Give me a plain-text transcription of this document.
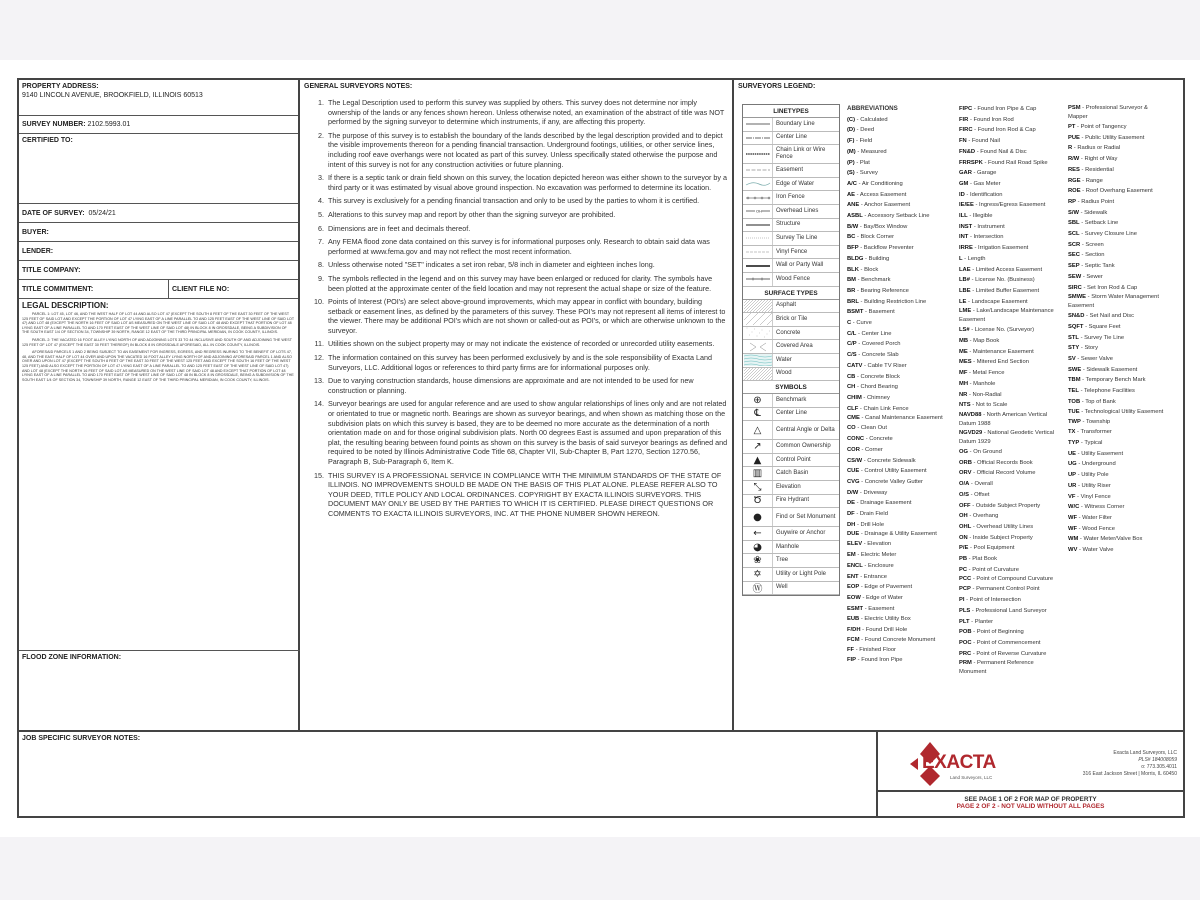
PROPERTY ADDRESS:
9140 LINCOLN AVENUE, BROOKFIELD, ILLINOIS 60513
SURVEY NUMBER:
2102.5993.01
CERTIFIED TO:
DATE OF SURVEY:
05/24/21
BUYER:
LENDER:
TITLE COMPANY:
TITLE COMMITMENT:	CLIENT FILE NO:
LEGAL DESCRIPTION:

PARCEL 1: LOT 45, LOT 46, AND THE WEST HALF OF LOT 44 AND ALSO LOT 47 (EXCEPT THE SOUTH 8 FEET OF THE EAST 30 FEET OF THE WEST 125 FEET OF SAID LOT AND EXCEPT THE PORTION OF LOT 47 LYING EAST OF A LINE PARALLEL TO AND 125 FEET EAST OF THE WEST LINE OF SAID LOT 47) AND LOT 48 (EXCEPT THE NORTH 16 FEET OF SAID LOT AS MEASURED ON THE WEST LINE OF SAID LOT 48 AND EXCEPT THAT PORTION OF LOT 48 LYING EAST OF A LINE PARALLEL TO AND 170 FEET EAST OF THE WEST LINE OF SAID LOT 48) IN BLOCK 8 IN GROSSDALE, BEING A SUBDIVISION OF THE SOUTH EAST 1/4 OF SECTION 34, TOWNSHIP 39 NORTH, RANGE 12 EAST OF THE THIRD PRINCIPAL MERIDIAN, IN COOK COUNTY, ILLINOIS.

PARCEL 2: THE VACATED 16 FOOT ALLEY LYING NORTH OF AND ADJOINING LOTS 33 TO 44 INCLUSIVE AND SOUTH OF AND ADJOINING THE WEST 125 FEET OF LOT 47 (EXCEPT THE EAST 30 FEET THEREOF) IN BLOCK 8 IN GROSSDALE AFORESAID, ALL IN COOK COUNTY, ILLINOIS.

AFORESAID PARCELS 1 AND 2 BEING SUBJECT TO AN EASEMENT FOR INGRESS, EGRESS, AND REGRESS INURING TO THE BENEFIT OF LOTS 47, 48, AND THE EAST HALF OF LOT 44 OVER AND UPON THE VACATED 16 FOOT ALLEY LYING NORTH OF AND ADJOINING AFORESAID PARCEL 1 AND ALSO OVER AND UPON LOT 47 (EXCEPT THE SOUTH 8 FEET OF THE EAST 30 FEET OF THE WEST 125 FEET AND EXCEPT THE SOUTH 16 FEET OF THE WEST 125 FEET) AND ALSO EXCEPT THE PORTION OF LOT 47 LYING EAST OF A LINE PARALLEL TO AND 125 FEET EAST OF THE WEST LINE OF SAID LOT 47) AND LOT 48 (EXCEPT THE NORTH 16 FEET OF SAID LOT AS MEASURED ON THE WEST LINE OF SAID LOT 48 AND EXCEPT THAT PORTION OF LOT 48 LYING EAST OF A LINE PARALLEL TO AND 170 FEET EAST OF THE WEST LINE OF SAID LOT 48 IN BLOCK 8 IN GROSSDALE, BEING A SUBDIVISION OF THE SOUTH EAST 1/4 OF SECTION 34, TOWNSHIP 39 NORTH, RANGE 12 EAST OF THE THIRD PRINCIPAL MERIDIAN, IN COOK COUNTY, ILLINOIS.

FLOOD ZONE INFORMATION:
GENERAL SURVEYORS NOTES:
1. The Legal Description used to perform this survey was supplied by others. This survey does not determine nor imply ownership of the lands or any fences shown hereon. Unless otherwise noted, an examination of the abstract of title was NOT performed by the signing surveyor to determine which instruments, if any, are affecting this property.
2. The purpose of this survey is to establish the boundary of the lands described by the legal description provided and to depict the visible improvements thereon for a pending financial transaction. Underground footings, utilities, or other service lines, including roof eave overhangs were not located as part of this survey. Unless specifically stated otherwise the purpose and intent of this survey is not for any construction activities or future planning.
3. If there is a septic tank or drain field shown on this survey, the location depicted hereon was either shown to the surveyor by a third party or it was estimated by visual above ground inspection. No excavation was performed to determine its location.
4. This survey is exclusively for a pending financial transaction and only to be used by the parties to whom it is certified.
5. Alterations to this survey map and report by other than the signing surveyor are prohibited.
6. Dimensions are in feet and decimals thereof.
7. Any FEMA flood zone data contained on this survey is for informational purposes only. Research to obtain said data was performed at www.fema.gov and may not reflect the most recent information.
8. Unless otherwise noted "SET" indicates a set iron rebar, 5/8 inch in diameter and eighteen inches long.
9. The symbols reflected in the legend and on this survey may have been enlarged or reduced for clarity. The symbols have been plotted at the approximate center of the field location and may not represent the actual shape or size of the feature.
10. Points of Interest (POI's) are select above-ground improvements, which may appear in conflict with boundary, building setback or easement lines, as defined by the parameters of this survey. These POI's may not represent all items of interest to the viewer. There may be additional POI's which are not shown or called-out as POI's, or which are otherwise unknown to the surveyor.
11. Utilities shown on the subject property may or may not indicate the existence of recorded or unrecorded utility easements.
12. The information contained on this survey has been performed exclusively by and is the sole responsibility of Exacta Land Surveyors, LLC. Additional logos or references to third party firms are for informational purposes only.
13. Due to varying construction standards, house dimensions are approximate and are not intended to be used for new construction or planning.
14. Surveyor bearings are used for angular reference and are used to show angular relationships of lines only and are not related or orientated to true or magnetic north. Bearings are shown as surveyor bearings, and when shown as matching those on the subdivision plats on which this survey is based, they are to be deemed no more accurate as the determination of a north orientation made on and for those original subdivision plats. North 00 degrees East is assumed and upon preparation of this plat, the resulting bearing between found points as shown on this survey is the basis of said surveyor bearings as defined and required to be noted by Illinois Administrative Code Title 68, Chapter VII, Sub-Chapter B, Part 1270, Section 1270.56, Paragraph B, Sub-Paragraph 6, Item K.
15. THIS SURVEY IS A PROFESSIONAL SERVICE IN COMPLIANCE WITH THE MINIMUM STANDARDS OF THE STATE OF ILLINOIS. NO IMPROVEMENTS SHOULD BE MADE ON THE BASIS OF THIS PLAT ALONE. PLEASE REFER ALSO TO YOUR DEED, TITLE POLICY AND LOCAL ORDINANCES. COPYRIGHT BY EXACTA ILLINOIS SURVEYORS. THIS DOCUMENT MAY ONLY BE USED BY THE PARTIES TO WHICH IT IS CERTIFIED. PLEASE DIRECT QUESTIONS OR COMMENTS TO EXACTA ILLINOIS SURVEYORS, INC. AT THE PHONE NUMBER SHOWN HEREON.
SURVEYORS LEGEND:
LINETYPES
Boundary Line
Center Line
Chain Link or Wire Fence
Easement
Edge of Water
Iron Fence
OH	Overhead Lines
Structure
Survey Tie Line
Vinyl Fence
Wall or Party Wall
Wood Fence
SURFACE TYPES
Asphalt
Brick or Tile
Concrete
Covered Area
Water
Wood
SYMBOLS
⊕	Benchmark
℄	Center Line
△	Central Angle or Delta
↗	Common Ownership
▲	Control Point
▥	Catch Basin
⤡	Elevation
Ծ	Fire Hydrant
●	Find or Set Monument
←	Guywire or Anchor
◕	Manhole
❀	Tree
✡	Utility or Light Pole
Ⓦ	Well
ABBREVIATIONS
(C) - Calculated
(D) - Deed
(F) - Field
(M) - Measured
(P) - Plat
(S) - Survey
A/C - Air Conditioning
AE - Access Easement
ANE - Anchor Easement
ASBL - Accessory Setback Line
B/W - Bay/Box Window
BC - Block Corner
BFP - Backflow Preventer
BLDG - Building
BLK - Block
BM - Benchmark
BR - Bearing Reference
BRL - Building Restriction Line
BSMT - Basement
C - Curve
C/L - Center Line
C/P - Covered Porch
C/S - Concrete Slab
CATV - Cable TV Riser
CB - Concrete Block
CH - Chord Bearing
CHIM - Chimney
CLF - Chain Link Fence
CME - Canal Maintenance Easement
CO - Clean Out
CONC - Concrete
COR - Corner
CS/W - Concrete Sidewalk
CUE - Control Utility Easement
CVG - Concrete Valley Gutter
D/W - Driveway
DE - Drainage Easement
DF - Drain Field
DH - Drill Hole
DUE - Drainage & Utility Easement
ELEV - Elevation
EM - Electric Meter
ENCL - Enclosure
ENT - Entrance
EOP - Edge of Pavement
EOW - Edge of Water
ESMT - Easement
EUB - Electric Utility Box
F/DH - Found Drill Hole
FCM - Found Concrete Monument
FF - Finished Floor
FIP - Found Iron Pipe
FIPC - Found Iron Pipe & Cap
FIR - Found Iron Rod
FIRC - Found Iron Rod & Cap
FN - Found Nail
FN&D - Found Nail & Disc
FRRSPK - Found Rail Road Spike
GAR - Garage
GM - Gas Meter
ID - Identification
IE/EE - Ingress/Egress Easement
ILL - Illegible
INST - Instrument
INT - Intersection
IRRE - Irrigation Easement
L - Length
LAE - Limited Access Easement
LB# - License No. (Business)
LBE - Limited Buffer Easement
LE - Landscape Easement
LME - Lake/Landscape Maintenance Easement
LS# - License No. (Surveyor)
MB - Map Book
ME - Maintenance Easement
MES - Mitered End Section
MF - Metal Fence
MH - Manhole
NR - Non-Radial
NTS - Not to Scale
NAVD88 - North American Vertical Datum 1988
NGVD29 - National Geodetic Vertical Datum 1929
OG - On Ground
ORB - Official Records Book
ORV - Official Record Volume
O/A - Overall
O/S - Offset
OFF - Outside Subject Property
OH - Overhang
OHL - Overhead Utility Lines
ON - Inside Subject Property
P/E - Pool Equipment
PB - Plat Book
PC - Point of Curvature
PCC - Point of Compound Curvature
PCP - Permanent Control Point
PI - Point of Intersection
PLS - Professional Land Surveyor
PLT - Planter
POB - Point of Beginning
POC - Point of Commencement
PRC - Point of Reverse Curvature
PRM - Permanent Reference Monument
PSM - Professional Surveyor & Mapper
PT - Point of Tangency
PUE - Public Utility Easement
R - Radius or Radial
R/W - Right of Way
RES - Residential
RGE - Range
ROE - Roof Overhang Easement
RP - Radius Point
S/W - Sidewalk
SBL - Setback Line
SCL - Survey Closure Line
SCR - Screen
SEC - Section
SEP - Septic Tank
SEW - Sewer
SIRC - Set Iron Rod & Cap
SMWE - Storm Water Management Easement
SN&D - Set Nail and Disc
SQFT - Square Feet
STL - Survey Tie Line
STY - Story
SV - Sewer Valve
SWE - Sidewalk Easement
TBM - Temporary Bench Mark
TEL - Telephone Facilities
TOB - Top of Bank
TUE - Technological Utility Easement
TWP - Township
TX - Transformer
TYP - Typical
UE - Utility Easement
UG - Underground
UP - Utility Pole
UR - Utility Riser
VF - Vinyl Fence
W/C - Witness Corner
WF - Water Filter
WF - Wood Fence
WM - Water Meter/Valve Box
WV - Water Valve
JOB SPECIFIC SURVEYOR NOTES:
EXACTA
Land Surveyors, LLC
Exacta Land Surveyors, LLC
PLS# 184008059
o: 773.305.4011
316 East Jackson Street | Morris, IL 60450
SEE PAGE 1 OF 2 FOR MAP OF PROPERTY
PAGE 2 OF 2 - NOT VALID WITHOUT ALL PAGES
